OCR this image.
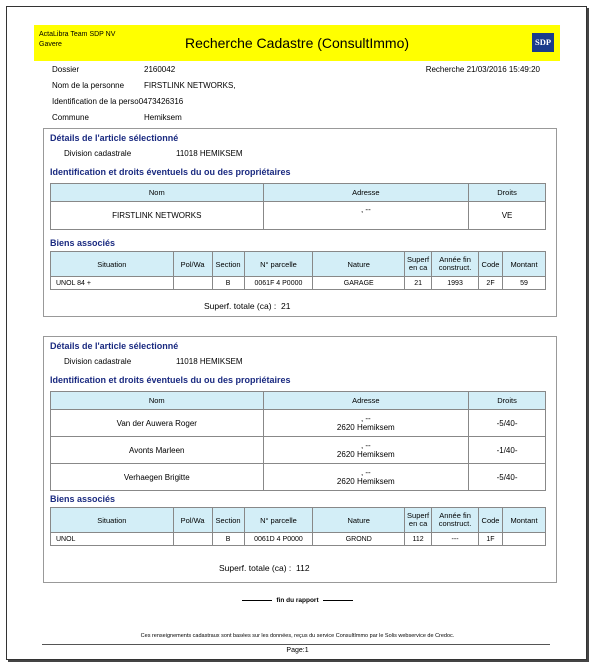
ActaLibra Team SDP NV
Gavere	Recherche Cadastre (ConsultImmo)	SDP
Dossier	2160042
Nom de la personne FIRSTLINK NETWORKS,
Identification de la perso0473426316
Commune	Hemiksem
Recherche 21/03/2016 15:49:20
Détails de l'article sélectionné
Division cadastrale	11018 HEMIKSEM
Identification et droits éventuels du ou des propriétaires
Nom	Adresse	Droits
FIRSTLINK NETWORKS	, --	VE
Biens associés
Situation	Pol/Wa	Section	N° parcelle	Nature	Superf en ca	Année fin construct.	Code	Montant
UNOL 84 +		B	0061F 4 P0000	GARAGE	21	1993	2F	59
Superf. totale (ca) : 21
Détails de l'article sélectionné
Division cadastrale	11018 HEMIKSEM
Identification et droits éventuels du ou des propriétaires
Nom	Adresse	Droits
Van der Auwera Roger	, --
2620 Hemiksem	-5/40-
Avonts Marleen	, --
2620 Hemiksem	-1/40-
Verhaegen Brigitte	, --
2620 Hemiksem	-5/40-
Biens associés
Situation	Pol/Wa	Section	N° parcelle	Nature	Superf en ca	Année fin construct.	Code	Montant
UNOL		B	0061D 4 P0000	GROND	112	---	1F	
Superf. totale (ca) : 112
fin du rapport
Ces renseignements cadastraux sont basées sur les données, reçus du service ConsultImmo par le Solis webservice de Credoc.
Page:1
